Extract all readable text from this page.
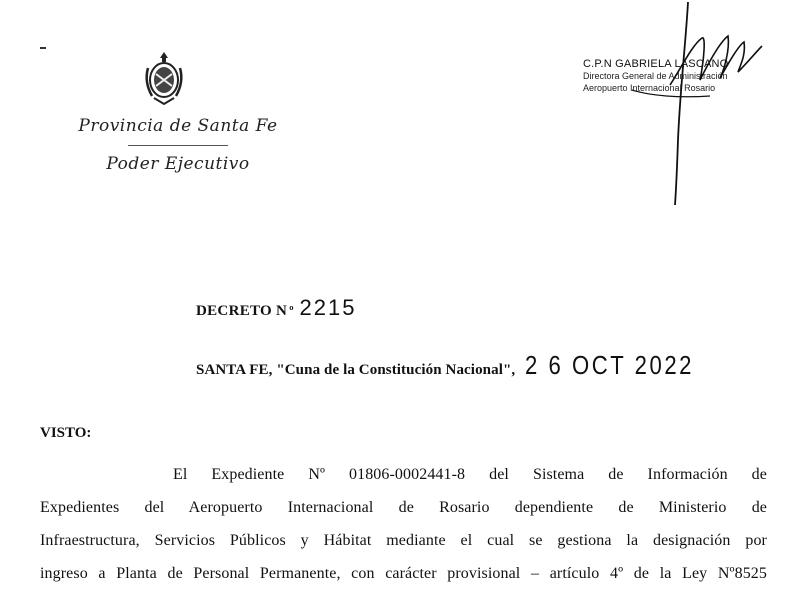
Provincia de Santa Fe
Poder Ejecutivo
C.P.N GABRIELA LASCANO
Directora General de Administración
Aeropuerto Internacional Rosario
DECRETO N º 2215
SANTA FE, "Cuna de la Constitución Nacional", 2 6 OCT 2022
VISTO:
El Expediente Nº 01806-0002441-8 del Sistema de Información de
Expedientes del Aeropuerto Internacional de Rosario dependiente de Ministerio de
Infraestructura, Servicios Públicos y Hábitat mediante el cual se gestiona la designación por
ingreso a Planta de Personal Permanente, con carácter provisional – artículo 4º de la Ley Nº8525
